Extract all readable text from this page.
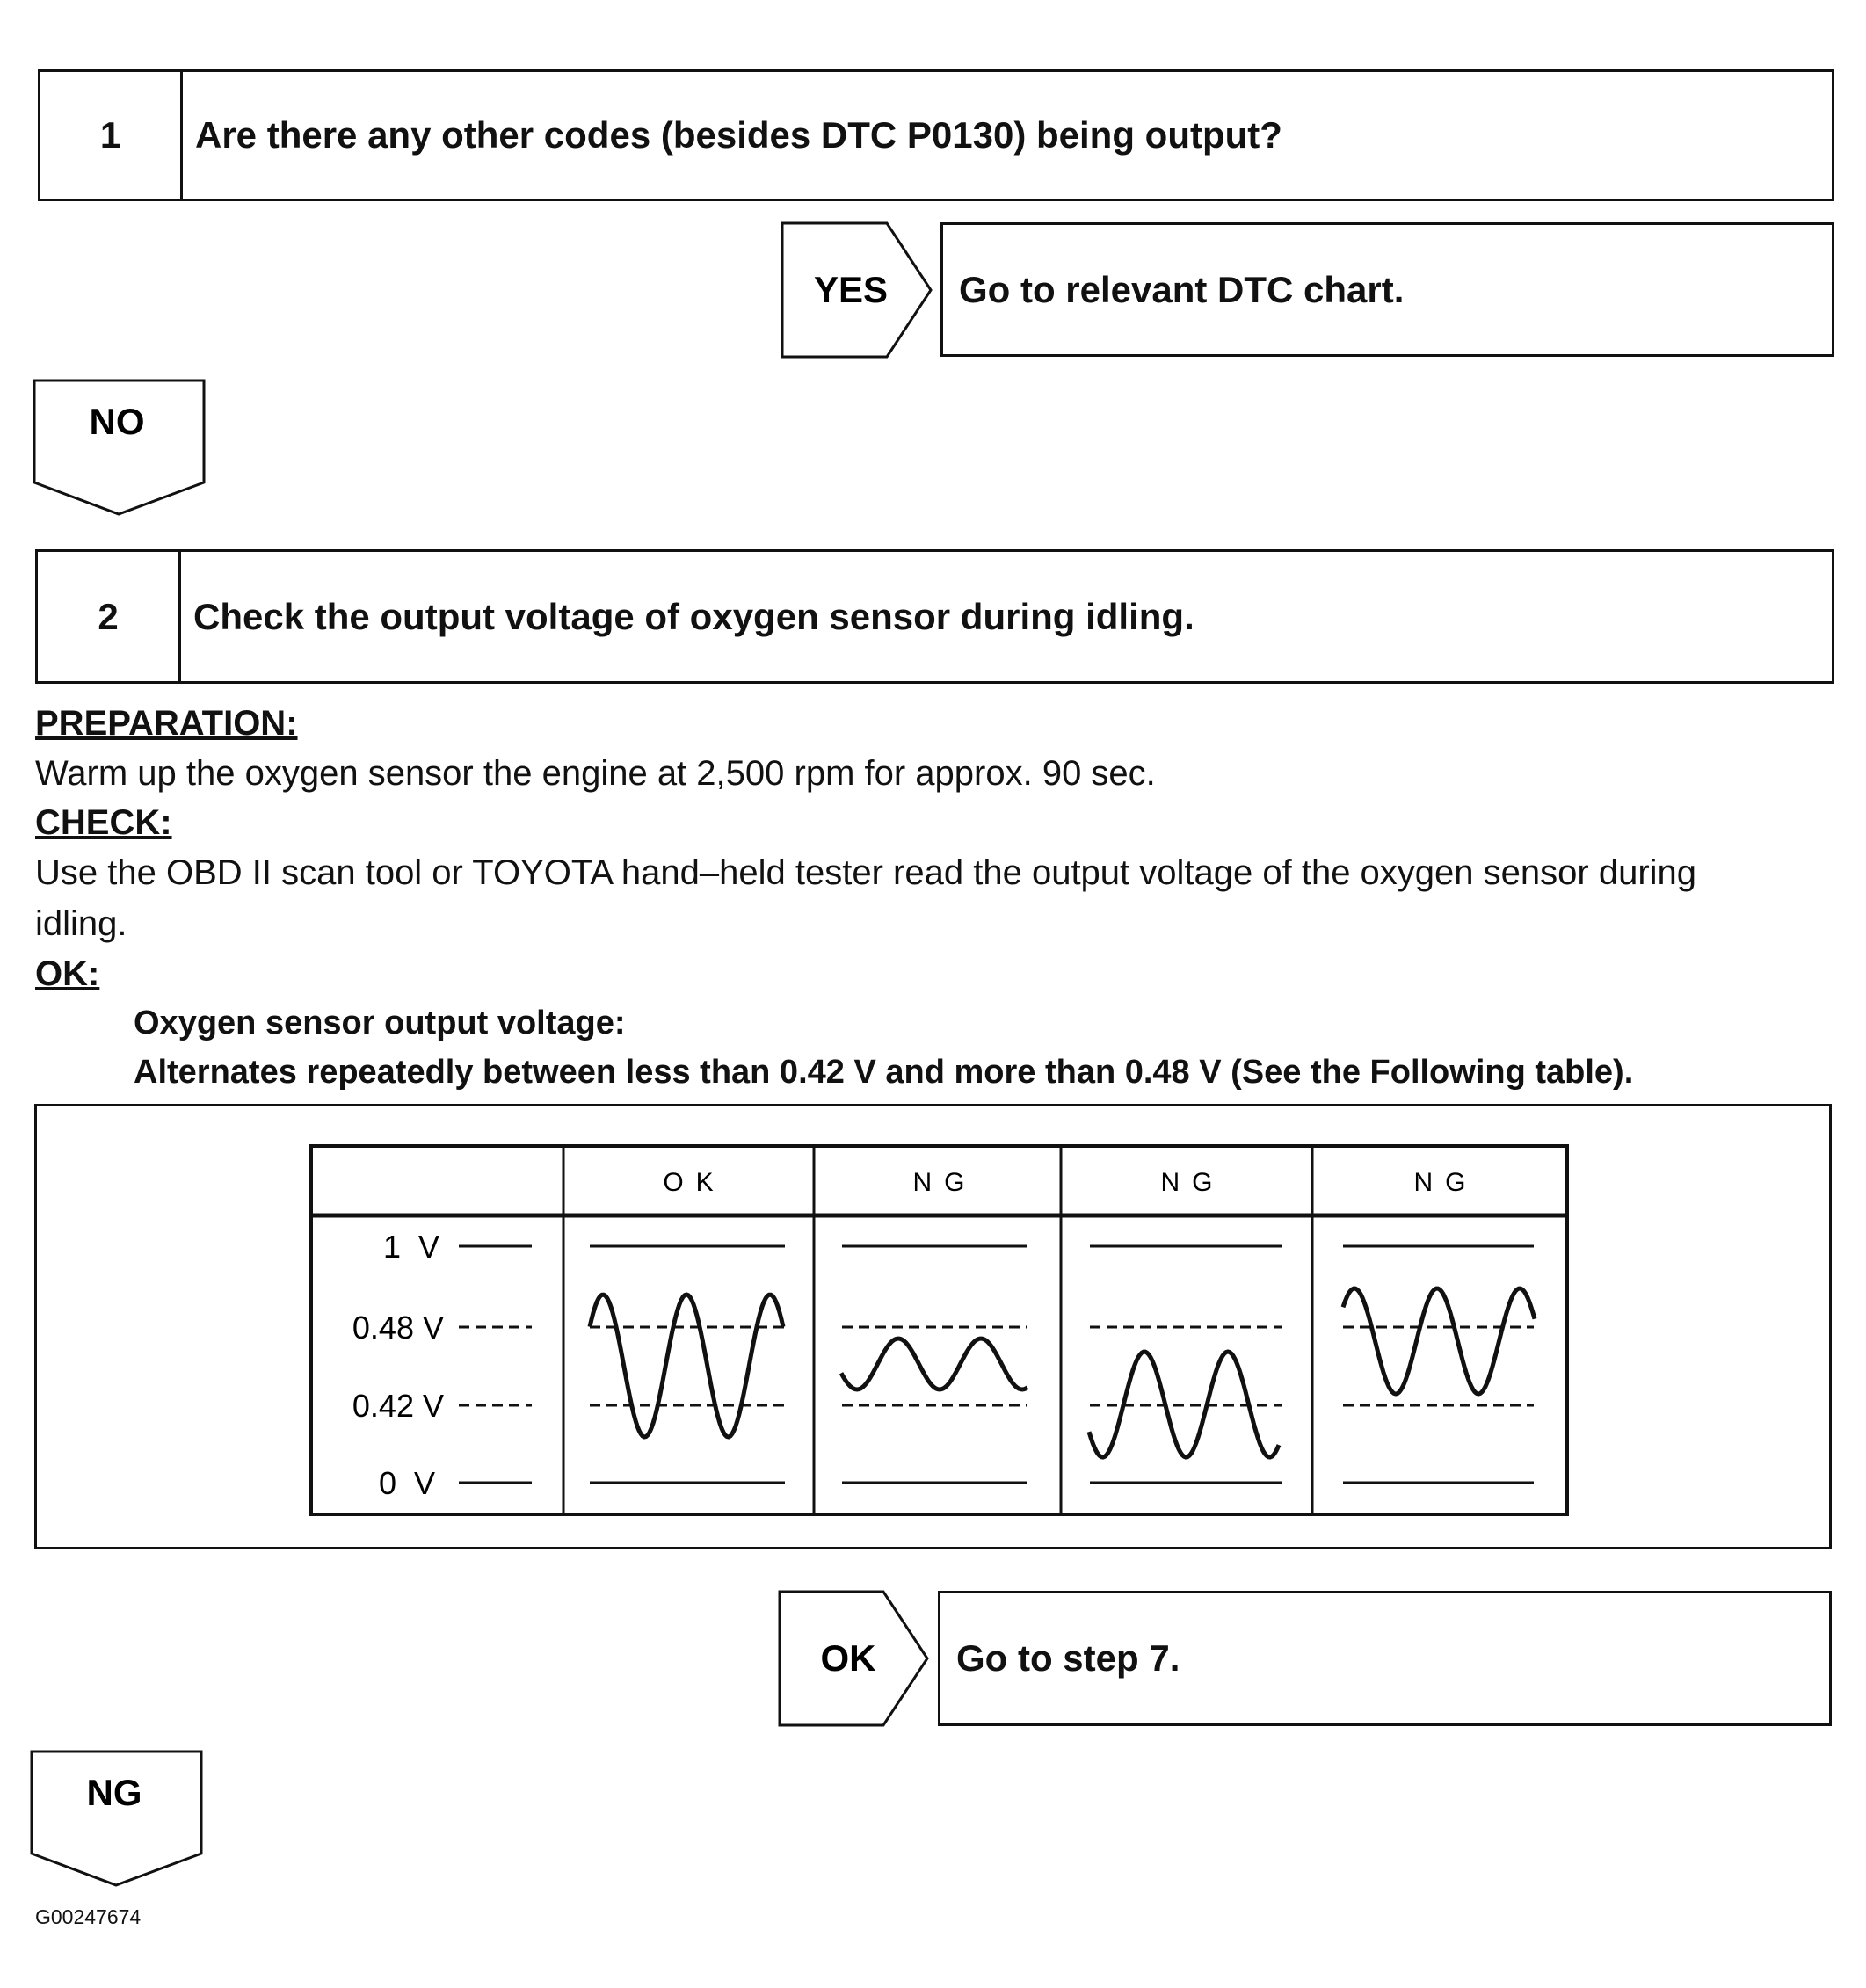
1	Are there any other codes (besides DTC P0130) being output?
YES Go to relevant DTC chart.
NO
2	Check the output voltage of oxygen sensor during idling.
PREPARATION:
Warm up the oxygen sensor the engine at 2,500 rpm for approx. 90 sec.
CHECK:
Use the OBD II scan tool or TOYOTA hand–held tester read the output voltage of the oxygen sensor during
idling.
OK:
Oxygen sensor output voltage:
Alternates repeatedly between less than 0.42 V and more than 0.48 V (See the Following table).
OK	NG	NG	NG
1  V
0.48 V
0.42 V
0  V
OK Go to step 7.
NG
G00247674
